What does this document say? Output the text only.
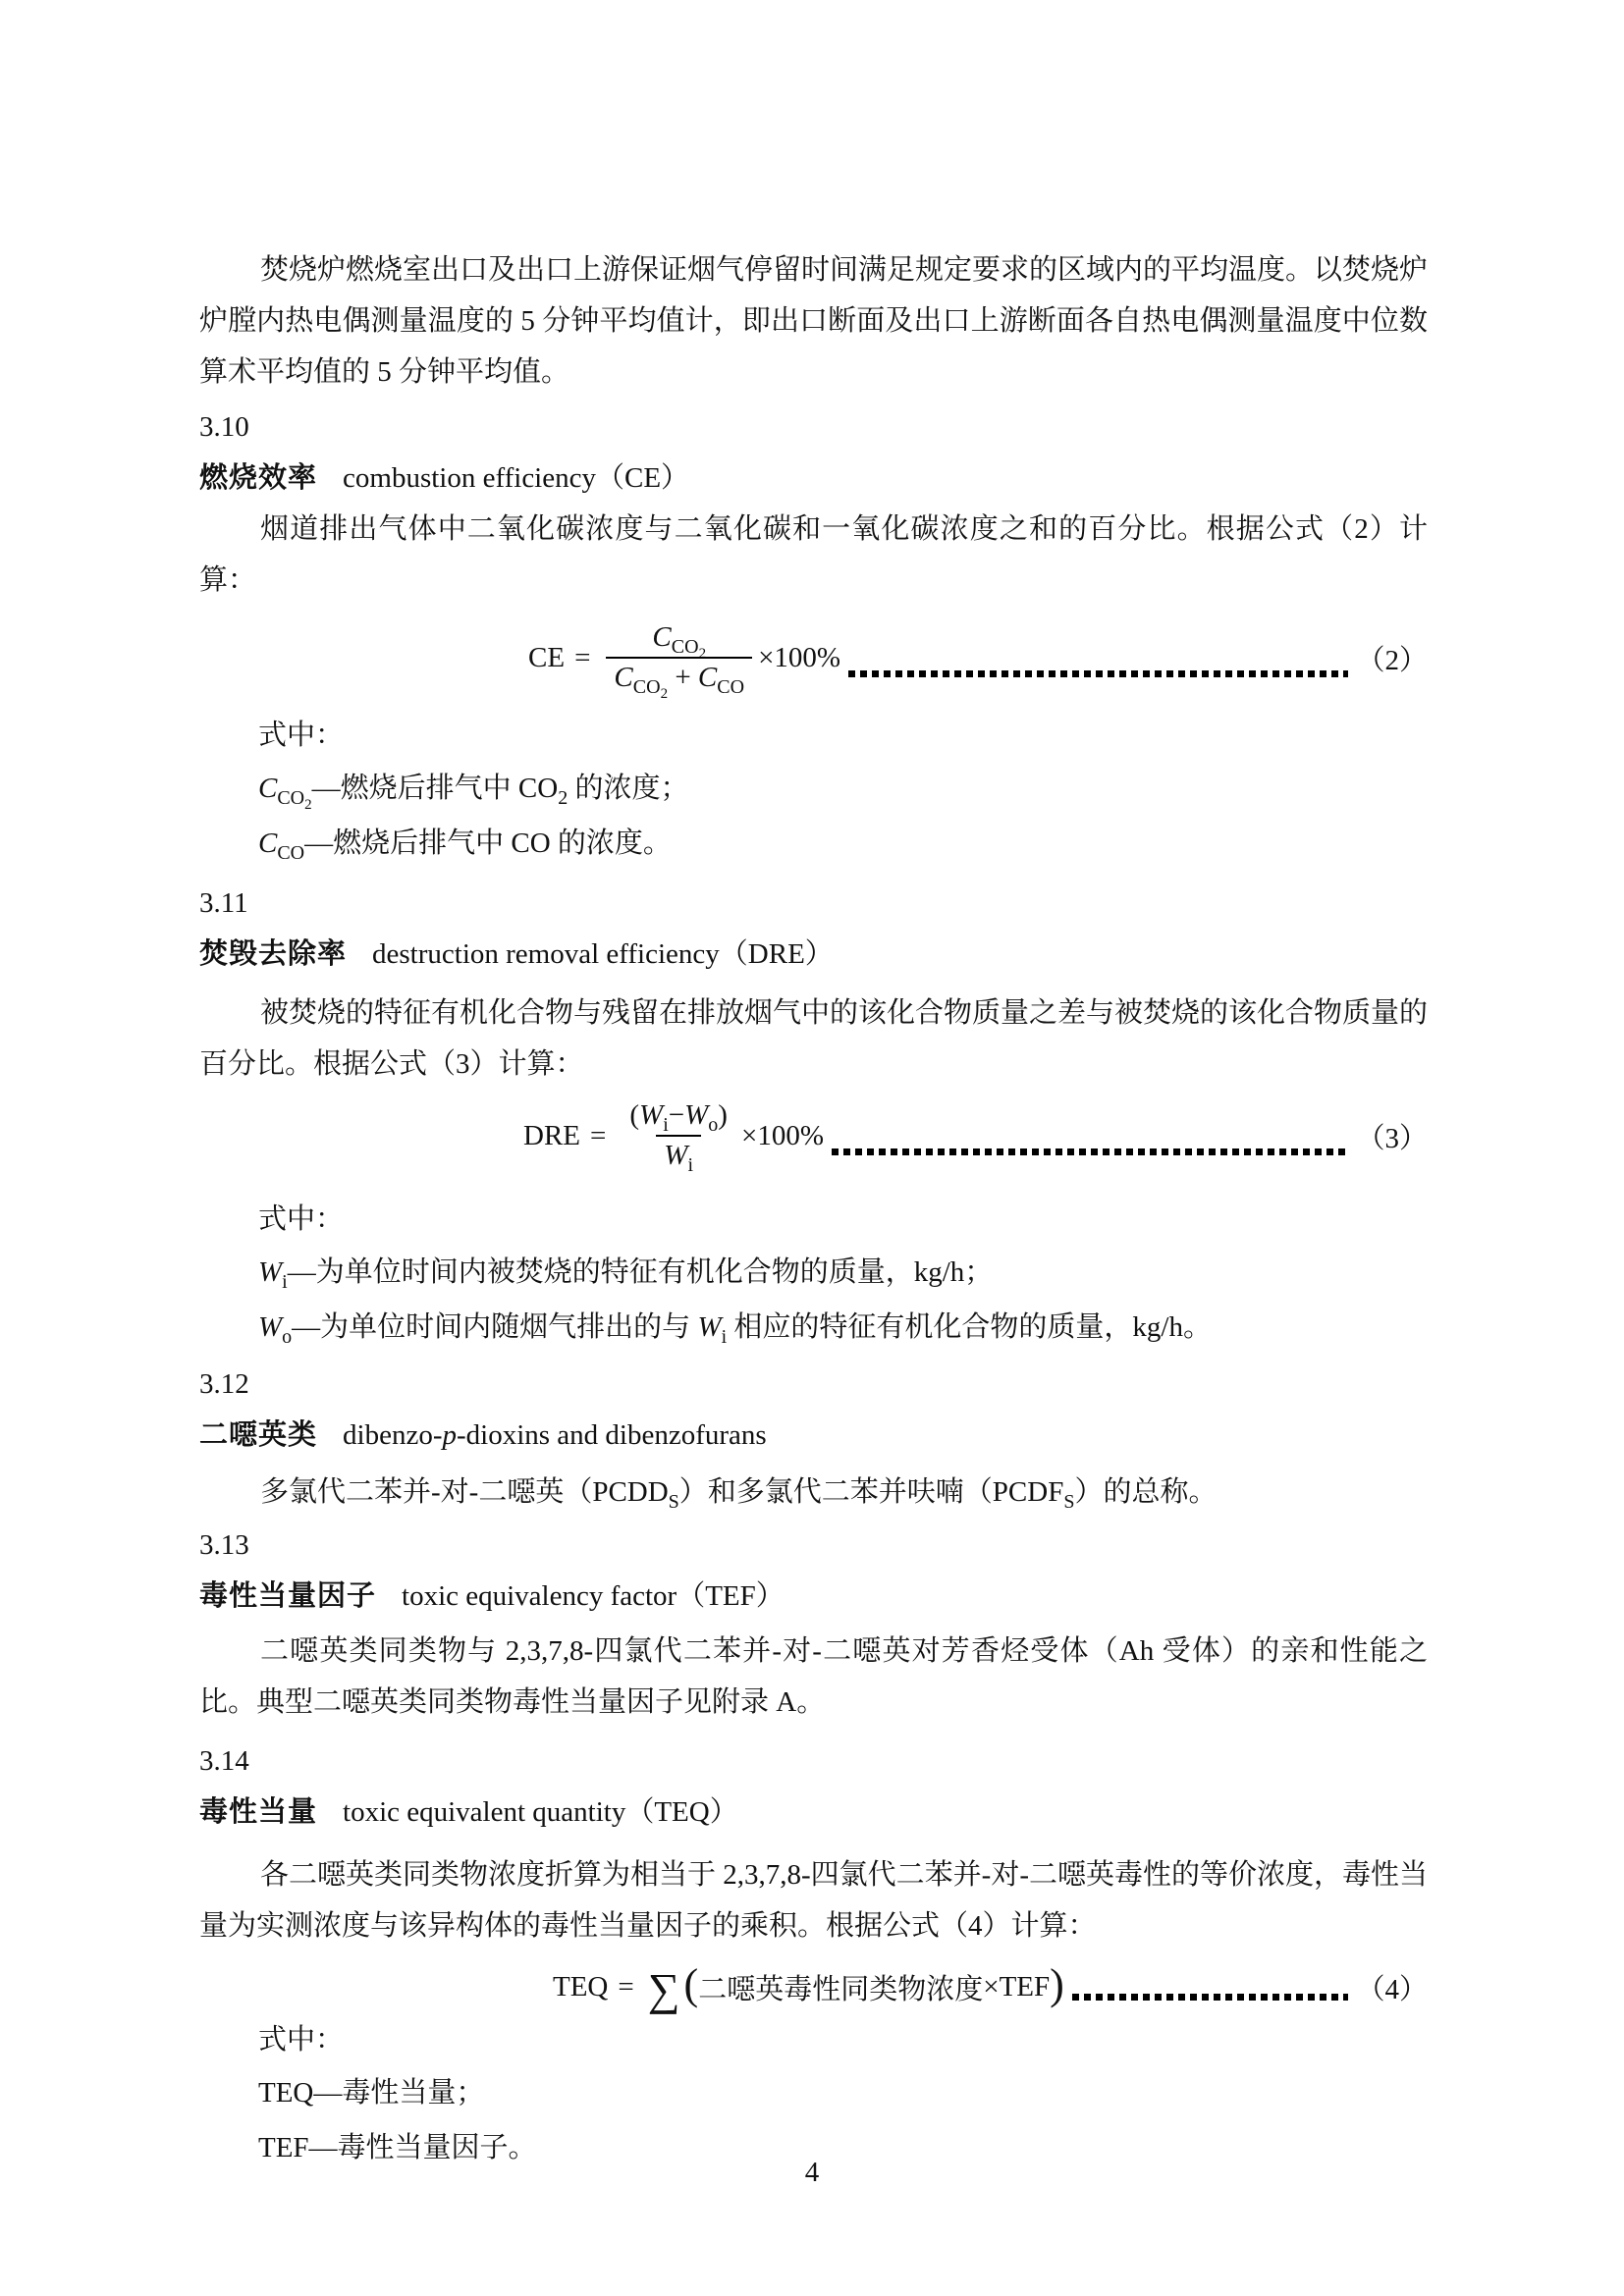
焚烧炉燃烧室出口及出口上游保证烟气停留时间满足规定要求的区域内的平均温度。以焚烧炉炉膛内热电偶测量温度的 5 分钟平均值计，即出口断面及出口上游断面各自热电偶测量温度中位数算术平均值的 5 分钟平均值。

3.10
燃烧效率 combustion efficiency（CE）

烟道排出气体中二氧化碳浓度与二氧化碳和一氧化碳浓度之和的百分比。根据公式（2）计算：

CE = $\frac{C_{CO_2}}{C_{CO_2} + C_{CO}} \times 100\%$	（2）
式中：

$C_{CO_2}—$燃烧后排气中 $CO_2$ 的浓度；

$C_{CO}—$燃烧后排气中 CO 的浓度。

3.11
焚毁去除率 destruction removal efficiency（DRE）

被焚烧的特征有机化合物与残留在排放烟气中的该化合物质量之差与被焚烧的该化合物质量的百分比。根据公式（3）计算：

DRE = $\frac{(W_i-W_o)}{W_i} \times 100\%$	（3）
式中：

$W_i—$为单位时间内被焚烧的特征有机化合物的质量，kg/h；

$W_o—$为单位时间内随烟气排出的与 $W_i$ 相应的特征有机化合物的质量，kg/h。

3.12
二噁英类 dibenzo-p-dioxins and dibenzofurans

多氯代二苯并-对-二噁英$(PCDD_S)$和多氯代二苯并呋喃$(PCDF_S)$的总称。

3.13
毒性当量因子 toxic equivalency factor（TEF）

二噁英类同类物与 2,3,7,8-四氯代二苯并-对-二噁英对芳香烃受体（Ah 受体）的亲和性能之比。典型二噁英类同类物毒性当量因子见附录 A。

3.14
毒性当量 toxic equivalent quantity（TEQ）

各二噁英类同类物浓度折算为相当于 2,3,7,8-四氯代二苯并-对-二噁英毒性的等价浓度，毒性当量为实测浓度与该异构体的毒性当量因子的乘积。根据公式（4）计算：

TEQ = ∑ ( 二噁英毒性同类物浓度 × TEF )	（4）
式中：

TEQ—毒性当量；

TEF—毒性当量因子。

4
